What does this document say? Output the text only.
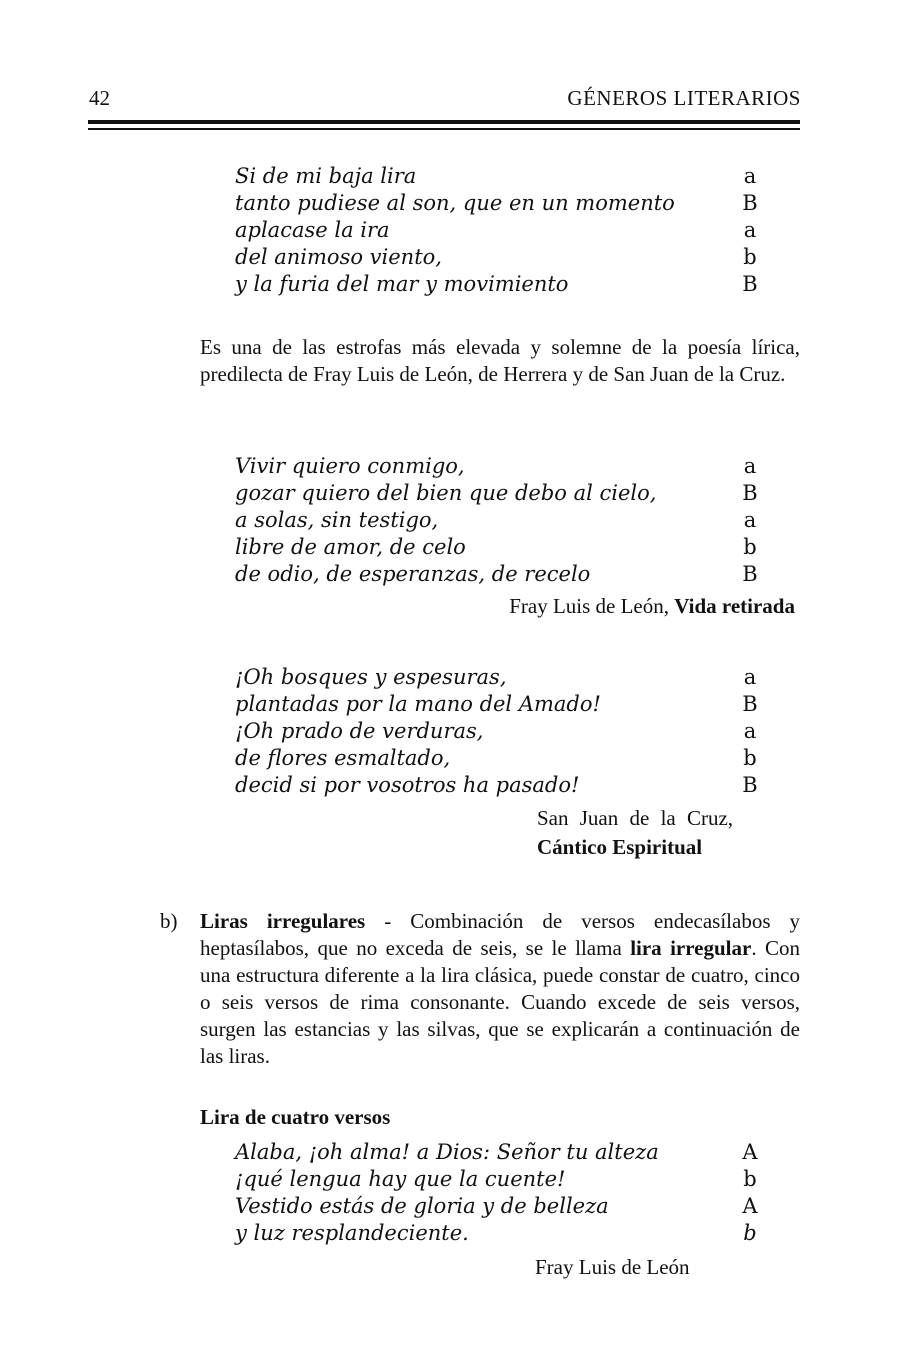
42	GÉNEROS LITERARIOS
Si de mi baja lira	a
tanto pudiese al son, que en un momento	B
aplacase la ira	a
del animoso viento,	b
y la furia del mar y movimiento	B
Es una de las estrofas más elevada y solemne de la poesía lírica, predilecta de Fray Luis de León, de Herrera y de San Juan de la Cruz.
Vivir quiero conmigo,	a
gozar quiero del bien que debo al cielo,	B
a solas, sin testigo,	a
libre de amor, de celo	b
de odio, de esperanzas, de recelo	B
Fray Luis de León, Vida retirada
¡Oh bosques y espesuras,	a
plantadas por la mano del Amado!	B
¡Oh prado de verduras,	a
de flores esmaltado,	b
decid si por vosotros ha pasado!	B
San Juan de la Cruz,
Cántico Espiritual
b) Liras irregulares - Combinación de versos endecasílabos y heptasílabos, que no exceda de seis, se le llama lira irregular. Con una estructura diferente a la lira clásica, puede constar de cuatro, cinco o seis versos de rima consonante. Cuando excede de seis versos, surgen las estancias y las silvas, que se explicarán a continuación de las liras.
Lira de cuatro versos
Alaba, ¡oh alma! a Dios: Señor tu alteza	A
¡qué lengua hay que la cuente!	b
Vestido estás de gloria y de belleza	A
y luz resplandeciente.	b
Fray Luis de León
